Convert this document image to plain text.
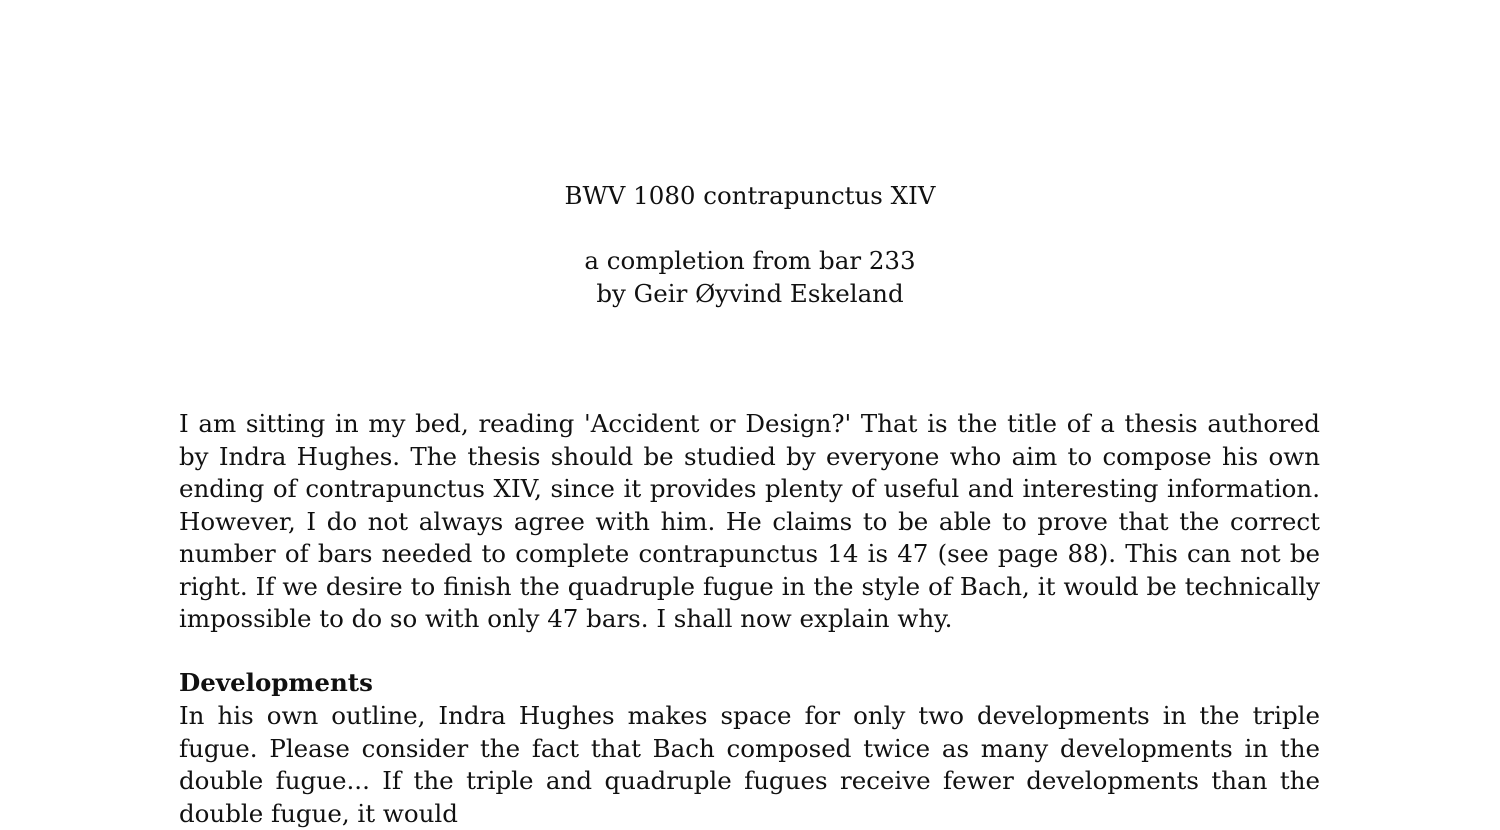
BWV 1080 contrapunctus XIV
a completion from bar 233
by Geir Øyvind Eskeland

I am sitting in my bed, reading 'Accident or Design?' That is the title of a thesis authored by Indra Hughes. The thesis should be studied by everyone who aim to compose his own ending of contrapunctus XIV, since it provides plenty of useful and interesting information. However, I do not always agree with him. He claims to be able to prove that the correct number of bars needed to complete contrapunctus 14 is 47 (see page 88). This can not be right. If we desire to finish the quadruple fugue in the style of Bach, it would be technically impossible to do so with only 47 bars. I shall now explain why.

Developments

In his own outline, Indra Hughes makes space for only two developments in the triple fugue. Please consider the fact that Bach composed twice as many developments in the double fugue... If the triple and quadruple fugues receive fewer developments than the double fugue, it would
